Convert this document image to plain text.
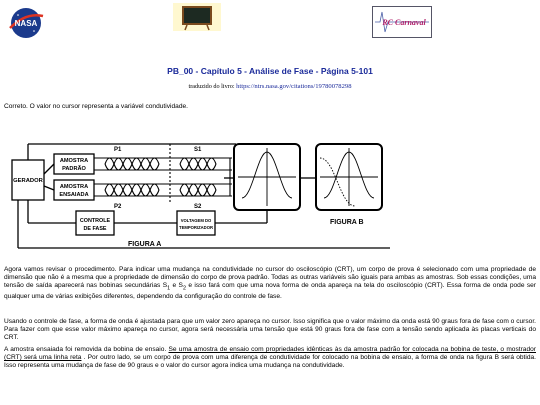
NASA	RC Carnaval
PB_00 - Capítulo 5 - Análise de Fase - Página 5-101
traduzido do livro: https://ntrs.nasa.gov/citations/19780078298
Correto. O valor no cursor representa a variável condutividade.
GERADOR
AMOSTRA
PADRÃO
AMOSTRA
ENSAIADA
P1	S1
P2	S2
CONTROLE
DE FASE
VOLTAGEM DO
TEMPORIZADOR
FIGURA A
FIGURA B
Agora vamos revisar o procedimento. Para indicar uma mudança na condutividade no cursor do osciloscópio (CRT), um corpo de prova é selecionado com uma propriedade de dimensão que não é a mesma que a propriedade de dimensão do corpo de prova padrão. Todas as outras variáveis são iguais para ambas as amostras. Sob essas condições, uma tensão de saída aparecerá nas bobinas secundárias $S_1$ e $S_2$ e isso fará com que uma nova forma de onda apareça na tela do osciloscópio (CRT). Essa forma de onda pode ser qualquer uma de várias exibições diferentes, dependendo da configuração do controle de fase.
Usando o controle de fase, a forma de onda é ajustada para que um valor zero apareça no cursor. Isso significa que o valor máximo da onda está 90 graus fora de fase com o cursor. Para fazer com que esse valor máximo apareça no cursor, agora será necessária uma tensão que está 90 graus fora de fase com a tensão sendo aplicada às placas verticais do CRT.
A amostra ensaiada foi removida da bobina de ensaio. Se uma amostra de ensaio com propriedades idênticas às da amostra padrão for colocada na bobina de teste, o mostrador (CRT) será uma linha reta . Por outro lado, se um corpo de prova com uma diferença de condutividade for colocado na bobina de ensaio, a forma de onda na figura B será obtida. Isso representa uma mudança de fase de 90 graus e o valor do cursor agora indica uma mudança na condutividade.
